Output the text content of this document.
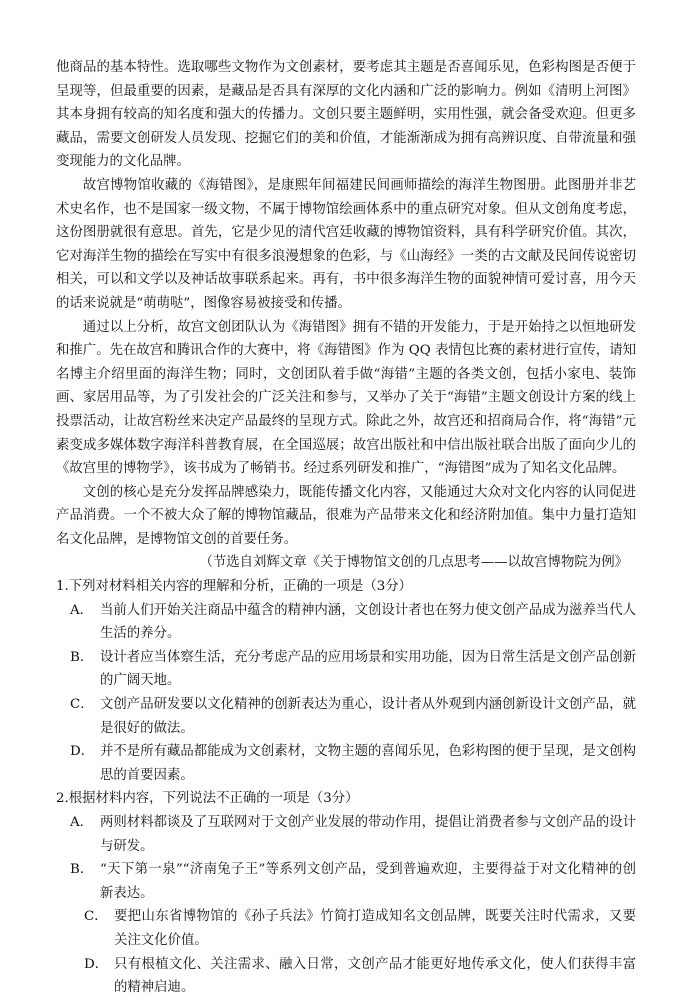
他商品的基本特性。选取哪些文物作为文创素材，要考虑其主题是否喜闻乐见，色彩构图是否便于呈现等，但最重要的因素，是藏品是否具有深厚的文化内涵和广泛的影响力。例如《清明上河图》其本身拥有较高的知名度和强大的传播力。文创只要主题鲜明，实用性强，就会备受欢迎。但更多藏品，需要文创研发人员发现、挖掘它们的美和价值，才能渐渐成为拥有高辨识度、自带流量和强变现能力的文化品牌。

故宫博物馆收藏的《海错图》，是康熙年间福建民间画师描绘的海洋生物图册。此图册并非艺术史名作，也不是国家一级文物，不属于博物馆绘画体系中的重点研究对象。但从文创角度考虑，这份图册就很有意思。首先，它是少见的清代宫廷收藏的博物馆资料，具有科学研究价值。其次，它对海洋生物的描绘在写实中有很多浪漫想象的色彩，与《山海经》一类的古文献及民间传说密切相关，可以和文学以及神话故事联系起来。再有，书中很多海洋生物的面貌神情可爱讨喜，用今天的话来说就是“萌萌哒”，图像容易被接受和传播。

通过以上分析，故宫文创团队认为《海错图》拥有不错的开发能力，于是开始持之以恒地研发和推广。先在故宫和腾讯合作的大赛中，将《海错图》作为 QQ 表情包比赛的素材进行宣传，请知名博主介绍里面的海洋生物；同时，文创团队着手做“海错”主题的各类文创，包括小家电、装饰画、家居用品等，为了引发社会的广泛关注和参与，又举办了关于“海错”主题文创设计方案的线上投票活动，让故宫粉丝来决定产品最终的呈现方式。除此之外，故宫还和招商局合作，将“海错”元素变成多媒体数字海洋科普教育展，在全国巡展；故宫出版社和中信出版社联合出版了面向少儿的《故宫里的博物学》，该书成为了畅销书。经过系列研发和推广，“海错图”成为了知名文化品牌。

文创的核心是充分发挥品牌感染力，既能传播文化内容，又能通过大众对文化内容的认同促进产品消费。一个不被大众了解的博物馆藏品，很难为产品带来文化和经济附加值。集中力量打造知名文化品牌，是博物馆文创的首要任务。

（节选自刘辉文章《关于博物馆文创的几点思考——以故宫博物院为例》

1.下列对材料相关内容的理解和分析，正确的一项是（3分）

A． 当前人们开始关注商品中蕴含的精神内涵，文创设计者也在努力使文创产品成为滋养当代人生活的养分。
B． 设计者应当体察生活，充分考虑产品的应用场景和实用功能，因为日常生活是文创产品创新的广阔天地。
C． 文创产品研发要以文化精神的创新表达为重心，设计者从外观到内涵创新设计文创产品，就是很好的做法。
D． 并不是所有藏品都能成为文创素材，文物主题的喜闻乐见，色彩构图的便于呈现，是文创构思的首要因素。

2.根据材料内容，下列说法不正确的一项是（3分）

A． 两则材料都谈及了互联网对于文创产业发展的带动作用，提倡让消费者参与文创产品的设计与研发。
B． “天下第一泉”“济南兔子王”等系列文创产品，受到普遍欢迎，主要得益于对文化精神的创新表达。
C． 要把山东省博物馆的《孙子兵法》竹简打造成知名文创品牌，既要关注时代需求，又要关注文化价值。
D． 只有根植文化、关注需求、融入日常，文创产品才能更好地传承文化，使人们获得丰富的精神启迪。
